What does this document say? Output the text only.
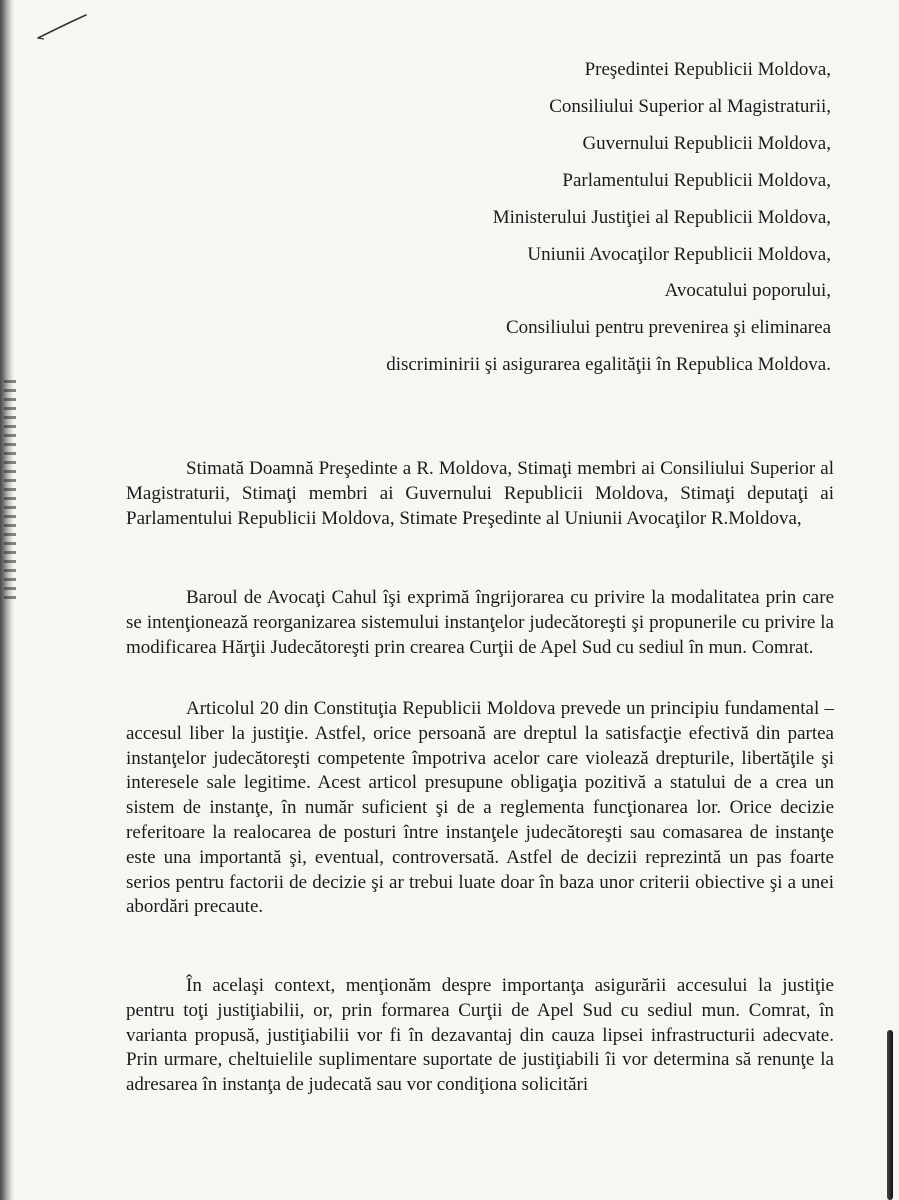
Preşedintei Republicii Moldova,
Consiliului Superior al Magistraturii,
Guvernului Republicii Moldova,
Parlamentului Republicii Moldova,
Ministerului Justiţiei al Republicii Moldova,
Uniunii Avocaţilor Republicii Moldova,
Avocatului poporului,
Consiliului pentru prevenirea şi eliminarea
discriminirii şi asigurarea egalităţii în Republica Moldova.

Stimată Doamnă Preşedinte a R. Moldova, Stimaţi membri ai Consiliului Superior al Magistraturii, Stimaţi membri ai Guvernului Republicii Moldova, Stimaţi deputaţi ai Parlamentului Republicii Moldova, Stimate Preşedinte al Uniunii Avocaţilor R.Moldova,

Baroul de Avocaţi Cahul îşi exprimă îngrijorarea cu privire la modalitatea prin care se intenţionează reorganizarea sistemului instanţelor judecătoreşti şi propunerile cu privire la modificarea Hărţii Judecătoreşti prin crearea Curţii de Apel Sud cu sediul în mun. Comrat.

Articolul 20 din Constituţia Republicii Moldova prevede un principiu fundamental – accesul liber la justiţie. Astfel, orice persoană are dreptul la satisfacţie efectivă din partea instanţelor judecătoreşti competente împotriva acelor care violează drepturile, libertăţile şi interesele sale legitime. Acest articol presupune obligaţia pozitivă a statului de a crea un sistem de instanţe, în număr suficient şi de a reglementa funcţionarea lor. Orice decizie referitoare la realocarea de posturi între instanţele judecătoreşti sau comasarea de instanţe este una importantă şi, eventual, controversată. Astfel de decizii reprezintă un pas foarte serios pentru factorii de decizie şi ar trebui luate doar în baza unor criterii obiective şi a unei abordări precaute.

În acelaşi context, menţionăm despre importanţa asigurării accesului la justiţie pentru toţi justiţiabilii, or, prin formarea Curţii de Apel Sud cu sediul mun. Comrat, în varianta propusă, justiţiabilii vor fi în dezavantaj din cauza lipsei infrastructurii adecvate. Prin urmare, cheltuielile suplimentare suportate de justiţiabili îi vor determina să renunţe la adresarea în instanţa de judecată sau vor condiţiona solicitări
